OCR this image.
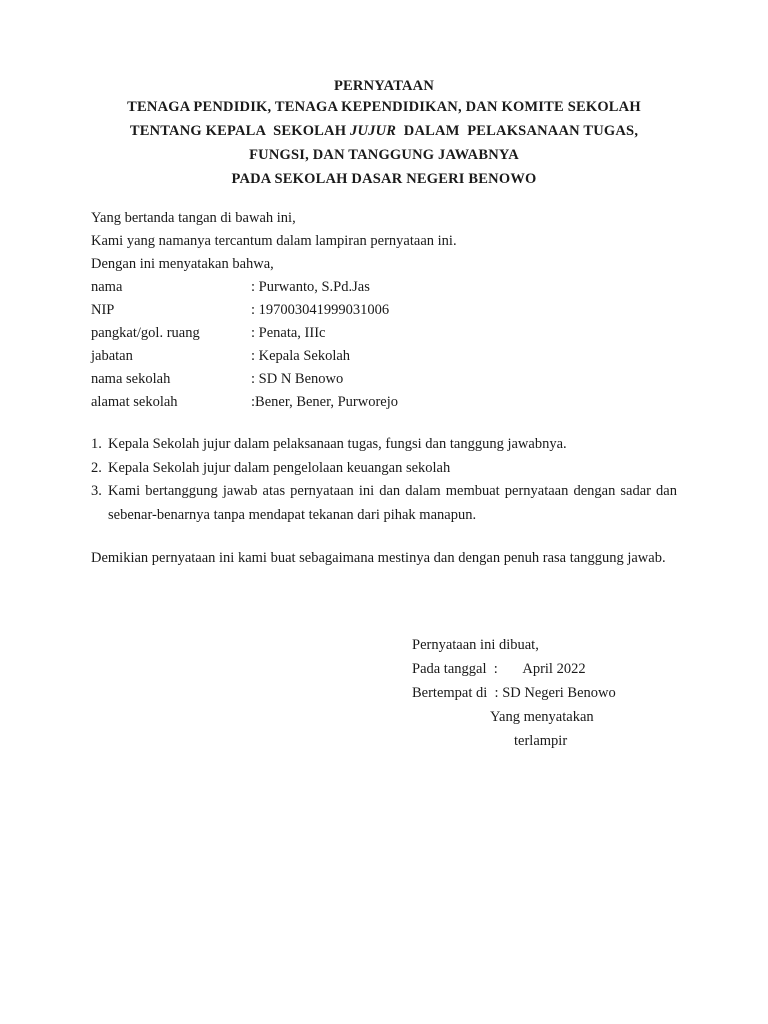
PERNYATAAN
TENAGA PENDIDIK, TENAGA KEPENDIDIKAN, DAN KOMITE SEKOLAH
TENTANG KEPALA  SEKOLAH JUJUR  DALAM  PELAKSANAAN TUGAS,
FUNGSI, DAN TANGGUNG JAWABNYA
PADA SEKOLAH DASAR NEGERI BENOWO

Yang bertanda tangan di bawah ini,

Kami yang namanya tercantum dalam lampiran pernyataan ini.

Dengan ini menyatakan bahwa,

nama	: Purwanto, S.Pd.Jas
NIP	: 197003041999031006
pangkat/gol. ruang	: Penata, IIIc
jabatan	: Kepala Sekolah
nama sekolah	: SD N Benowo
alamat sekolah	:Bener, Bener, Purworejo
1. Kepala Sekolah jujur dalam pelaksanaan tugas, fungsi dan tanggung jawabnya.
2. Kepala Sekolah jujur dalam pengelolaan keuangan sekolah
3. Kami bertanggung jawab atas pernyataan ini dan dalam membuat pernyataan dengan sadar dan sebenar-benarnya tanpa mendapat tekanan dari pihak manapun.
Demikian pernyataan ini kami buat sebagaimana mestinya dan dengan penuh rasa tanggung jawab.
Pernyataan ini dibuat,
Pada tanggal  :       April 2022
Bertempat di  : SD Negeri Benowo
Yang menyatakan
terlampir
